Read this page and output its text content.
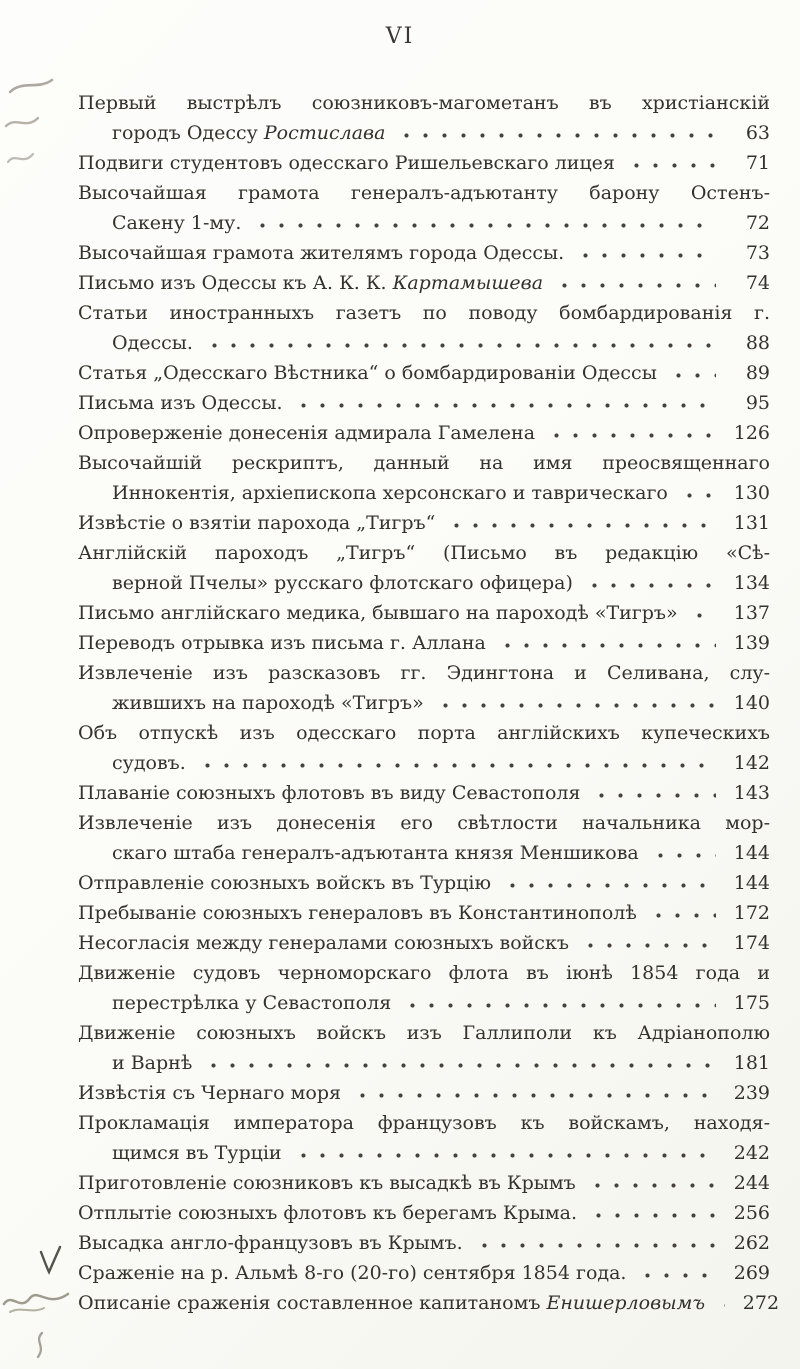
VI
Первый выстрѣлъ союзниковъ-магометанъ въ христіанскій
городъ Одессу Ростислава	63
Подвиги студентовъ одесскаго Ришельевскаго лицея	71
Высочайшая грамота генералъ-адъютанту барону Остенъ-
Сакену 1-му.	72
Высочайшая грамота жителямъ города Одессы.	73
Письмо изъ Одессы къ А. К. К. Картамышева	74
Статьи иностранныхъ газетъ по поводу бомбардированія г.
Одессы.	88
Статья „Одесскаго Вѣстника“ о бомбардированіи Одессы	89
Письма изъ Одессы.	95
Опроверженіе донесенія адмирала Гамелена	126
Высочайшій рескриптъ, данный на имя преосвященнаго
Иннокентія, архіепископа херсонскаго и таврическаго	130
Извѣстіе о взятіи парохода „Тигръ“	131
Англійскій пароходъ „Тигръ“ (Письмо въ редакцію «Сѣ-
верной Пчелы» русскаго флотскаго офицера)	134
Письмо англійскаго медика, бывшаго на пароходѣ «Тигръ»	137
Переводъ отрывка изъ письма г. Аллана	139
Извлеченіе изъ разсказовъ гг. Эдингтона и Селивана, слу-
жившихъ на пароходѣ «Тигръ»	140
Объ отпускѣ изъ одесскаго порта англійскихъ купеческихъ
судовъ.	142
Плаваніе союзныхъ флотовъ въ виду Севастополя	143
Извлеченіе изъ донесенія его свѣтлости начальника мор-
скаго штаба генералъ-адъютанта князя Меншикова	144
Отправленіе союзныхъ войскъ въ Турцію	144
Пребываніе союзныхъ генераловъ въ Константинополѣ	172
Несогласія между генералами союзныхъ войскъ	174
Движеніе судовъ черноморскаго флота въ іюнѣ 1854 года и
перестрѣлка у Севастополя	175
Движеніе союзныхъ войскъ изъ Галлиполи къ Адріанополю
и Варнѣ	181
Извѣстія съ Чернаго моря	239
Прокламація императора французовъ къ войскамъ, находя-
щимся въ Турціи	242
Приготовленіе союзниковъ къ высадкѣ въ Крымъ	244
Отплытіе союзныхъ флотовъ къ берегамъ Крыма.	256
Высадка англо-французовъ въ Крымъ.	262
Сраженіе на р. Альмѣ 8-го (20-го) сентября 1854 года.	269
Описаніе сраженія составленное капитаномъ Енишерловымъ	272
